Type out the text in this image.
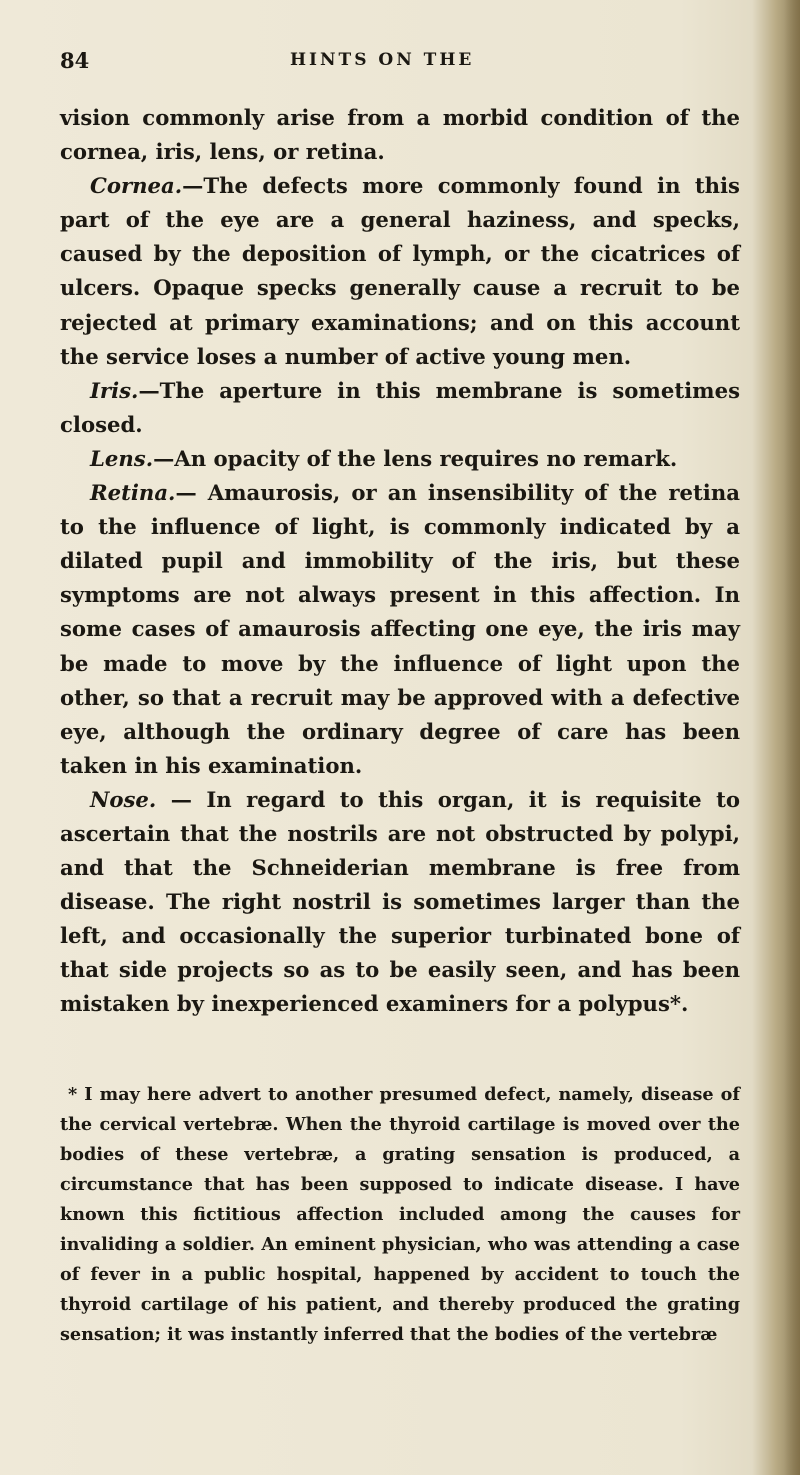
84	HINTS ON THE

vision commonly arise from a morbid condition of the cornea, iris, lens, or retina.

Cornea.—The defects more commonly found in this part of the eye are a general haziness, and specks, caused by the deposition of lymph, or the cicatrices of ulcers. Opaque specks generally cause a recruit to be rejected at primary examinations; and on this account the service loses a number of active young men.

Iris.—The aperture in this membrane is sometimes closed.

Lens.—An opacity of the lens requires no remark.

Retina.— Amaurosis, or an insensibility of the retina to the influence of light, is commonly indicated by a dilated pupil and immobility of the iris, but these symptoms are not always present in this affection. In some cases of amaurosis affecting one eye, the iris may be made to move by the influence of light upon the other, so that a recruit may be approved with a defective eye, although the ordinary degree of care has been taken in his examination.

Nose. — In regard to this organ, it is requisite to ascertain that the nostrils are not obstructed by polypi, and that the Schneiderian membrane is free from disease. The right nostril is sometimes larger than the left, and occasionally the superior turbinated bone of that side projects so as to be easily seen, and has been mistaken by inexperienced examiners for a polypus*.

* I may here advert to another presumed defect, namely, disease of the cervical vertebræ. When the thyroid cartilage is moved over the bodies of these vertebræ, a grating sensation is produced, a circumstance that has been supposed to indicate disease. I have known this fictitious affection included among the causes for invaliding a soldier. An eminent physician, who was attending a case of fever in a public hospital, happened by accident to touch the thyroid cartilage of his patient, and thereby produced the grating sensation; it was instantly inferred that the bodies of the vertebræ
